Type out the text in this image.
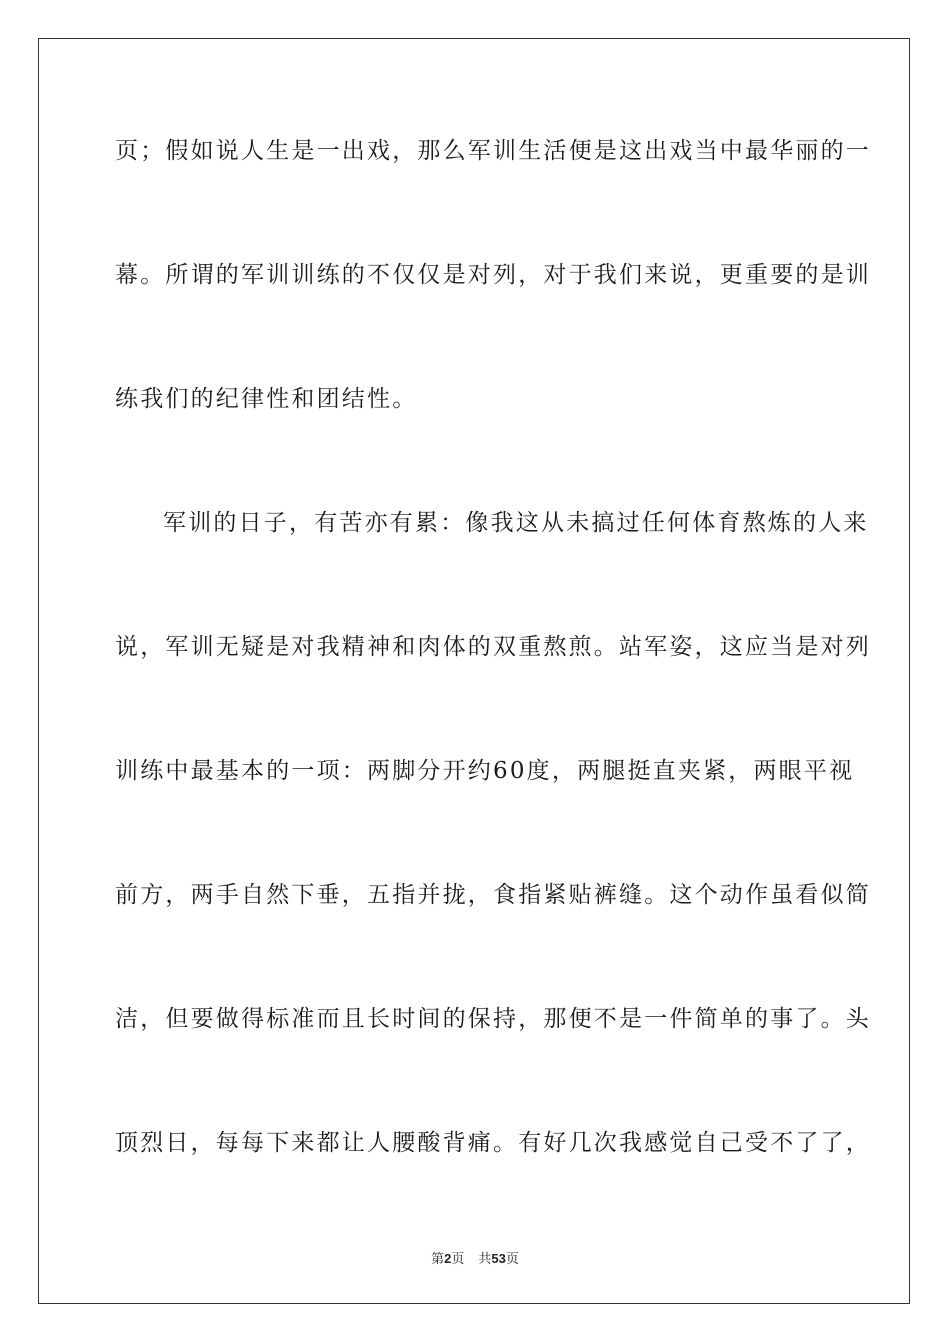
页；假如说人生是一出戏，那么军训生活便是这出戏当中最华丽的一
幕。所谓的军训训练的不仅仅是对列，对于我们来说，更重要的是训
练我们的纪律性和团结性。
军训的日子，有苦亦有累：像我这从未搞过任何体育熬炼的人来
说，军训无疑是对我精神和肉体的双重熬煎。站军姿，这应当是对列
训练中最基本的一项：两脚分开约60度，两腿挺直夹紧，两眼平视
前方，两手自然下垂，五指并拢，食指紧贴裤缝。这个动作虽看似简
洁，但要做得标准而且长时间的保持，那便不是一件简单的事了。头
顶烈日，每每下来都让人腰酸背痛。有好几次我感觉自己受不了了，
第2页 共53页
